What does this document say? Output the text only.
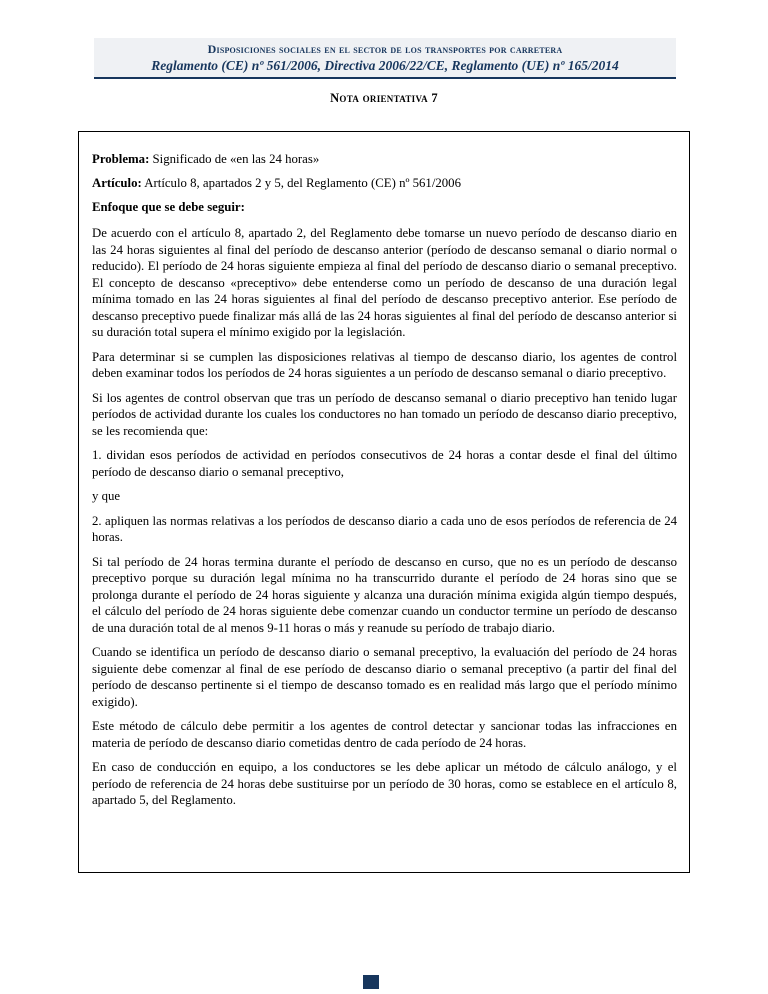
Disposiciones sociales en el sector de los transportes por carretera
Reglamento (CE) nº 561/2006, Directiva 2006/22/CE, Reglamento (UE) nº 165/2014
Nota orientativa 7

Problema: Significado de «en las 24 horas»

Artículo: Artículo 8, apartados 2 y 5, del Reglamento (CE) nº 561/2006

Enfoque que se debe seguir:

De acuerdo con el artículo 8, apartado 2, del Reglamento debe tomarse un nuevo período de descanso diario en las 24 horas siguientes al final del período de descanso anterior (período de descanso semanal o diario normal o reducido). El período de 24 horas siguiente empieza al final del período de descanso diario o semanal preceptivo. El concepto de descanso «preceptivo» debe entenderse como un período de descanso de una duración legal mínima tomado en las 24 horas siguientes al final del período de descanso preceptivo anterior. Ese período de descanso preceptivo puede finalizar más allá de las 24 horas siguientes al final del período de descanso anterior si su duración total supera el mínimo exigido por la legislación.

Para determinar si se cumplen las disposiciones relativas al tiempo de descanso diario, los agentes de control deben examinar todos los períodos de 24 horas siguientes a un período de descanso semanal o diario preceptivo.

Si los agentes de control observan que tras un período de descanso semanal o diario preceptivo han tenido lugar períodos de actividad durante los cuales los conductores no han tomado un período de descanso diario preceptivo, se les recomienda que:

1. dividan esos períodos de actividad en períodos consecutivos de 24 horas a contar desde el final del último período de descanso diario o semanal preceptivo,

y que

2. apliquen las normas relativas a los períodos de descanso diario a cada uno de esos períodos de referencia de 24 horas.

Si tal período de 24 horas termina durante el período de descanso en curso, que no es un período de descanso preceptivo porque su duración legal mínima no ha transcurrido durante el período de 24 horas sino que se prolonga durante el período de 24 horas siguiente y alcanza una duración mínima exigida algún tiempo después, el cálculo del período de 24 horas siguiente debe comenzar cuando un conductor termine un período de descanso de una duración total de al menos 9-11 horas o más y reanude su período de trabajo diario.

Cuando se identifica un período de descanso diario o semanal preceptivo, la evaluación del período de 24 horas siguiente debe comenzar al final de ese período de descanso diario o semanal preceptivo (a partir del final del período de descanso pertinente si el tiempo de descanso tomado es en realidad más largo que el período mínimo exigido).

Este método de cálculo debe permitir a los agentes de control detectar y sancionar todas las infracciones en materia de período de descanso diario cometidas dentro de cada período de 24 horas.

En caso de conducción en equipo, a los conductores se les debe aplicar un método de cálculo análogo, y el período de referencia de 24 horas debe sustituirse por un período de 30 horas, como se establece en el artículo 8, apartado 5, del Reglamento.
